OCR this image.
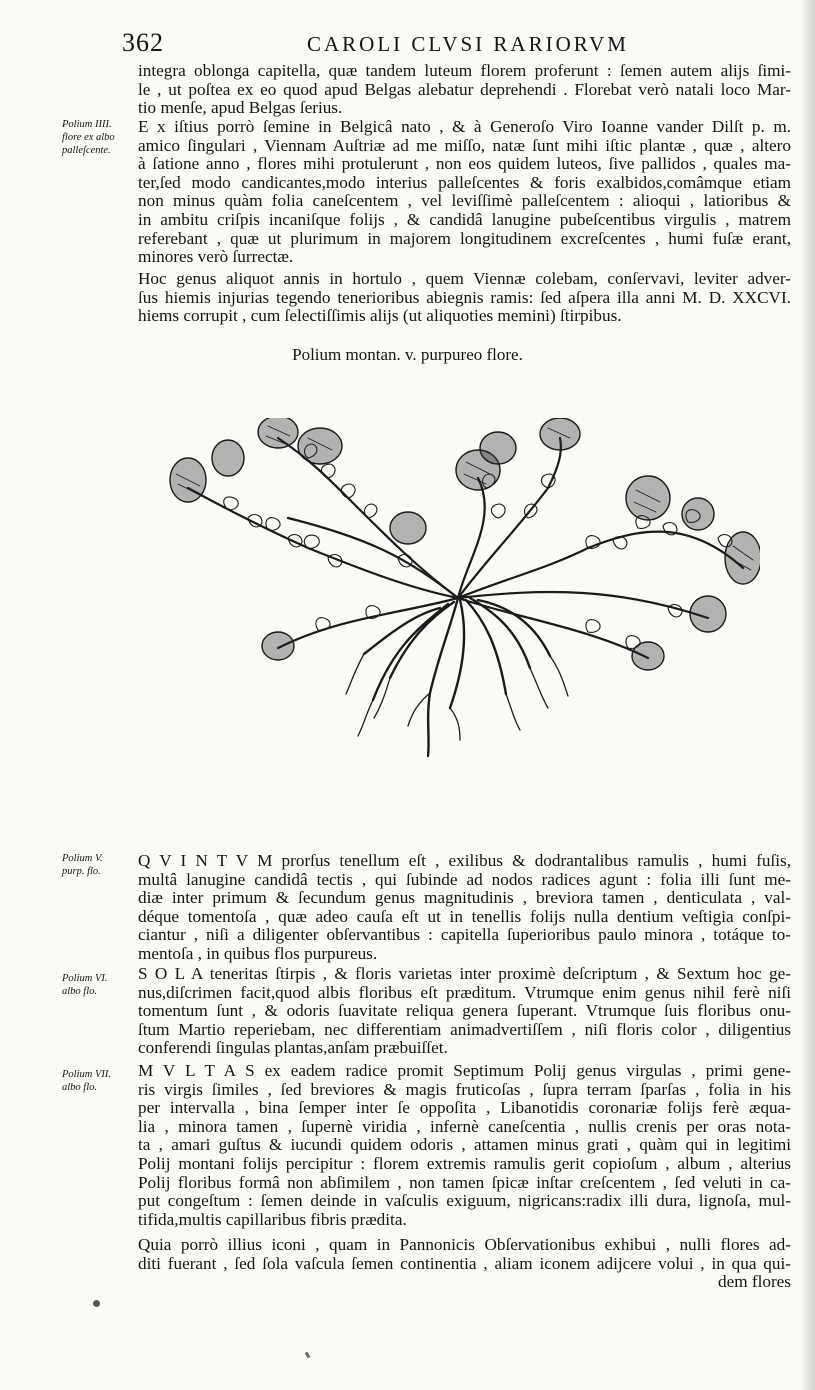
362	CAROLI CLVSI RARIORVM
integra oblonga capitella, quæ tandem luteum florem proferunt : ſemen autem alijs ſimi-
le , ut poſtea ex eo quod apud Belgas alebatur deprehendi . Florebat verò natali loco Mar-
tio menſe, apud Belgas ſerius.
Polium IIII.
flore ex albo
palleſcente.
E x iſtius porrò ſemine in Belgicâ nato , & à Generoſo Viro Ioanne vander Dilſt p. m.
amico ſingulari , Viennam Auſtriæ ad me miſſo, natæ ſunt mihi iſtic plantæ , quæ , altero
à ſatione anno , flores mihi protulerunt , non eos quidem luteos, ſive pallidos , quales ma-
ter,ſed modo candicantes,modo interius palleſcentes & foris exalbidos,comâmque etiam
non minus quàm folia caneſcentem , vel leviſſimè palleſcentem : alioqui , latioribus &
in ambitu criſpis incaniſque folijs , & candidâ lanugine pubeſcentibus virgulis , matrem
referebant , quæ ut plurimum in majorem longitudinem excreſcentes , humi fuſæ erant,
minores verò ſurrectæ.
Hoc genus aliquot annis in hortulo , quem Viennæ colebam, conſervavi, leviter adver-
ſus hiemis injurias tegendo tenerioribus abiegnis ramis: ſed aſpera illa anni M. D. XXCVI.
hiems corrupit , cum ſelectiſſimis alijs (ut aliquoties memini) ſtirpibus.
Polium montan. v. purpureo flore.
Polium V.
purp. flo.
Q V I N T V M prorſus tenellum eſt , exilibus & dodrantalibus ramulis , humi fuſis,
multâ lanugine candidâ tectis , qui ſubinde ad nodos radices agunt : folia illi ſunt me-
diæ inter primum & ſecundum genus magnitudinis , breviora tamen , denticulata , val-
déque tomentoſa , quæ adeo cauſa eſt ut in tenellis folijs nulla dentium veſtigia conſpi-
ciantur , niſi a diligenter obſervantibus : capitella ſuperioribus paulo minora , totáque to-
mentoſa , in quibus flos purpureus.
Polium VI.
albo flo.
S O L A teneritas ſtirpis , & floris varietas inter proximè deſcriptum , & Sextum hoc ge-
nus,diſcrimen facit,quod albis floribus eſt præditum. Vtrumque enim genus nihil ferè niſi
tomentum ſunt , & odoris ſuavitate reliqua genera ſuperant. Vtrumque ſuis floribus onu-
ſtum Martio reperiebam, nec differentiam animadvertiſſem , niſi floris color , diligentius
conferendi ſingulas plantas,anſam præbuiſſet.
Polium VII.
albo flo.
M V L T A S ex eadem radice promit Septimum Polij genus virgulas , primi gene-
ris virgis ſimiles , ſed breviores & magis fruticoſas , ſupra terram ſparſas , folia in his
per intervalla , bina ſemper inter ſe oppoſita , Libanotidis coronariæ folijs ferè æqua-
lia , minora tamen , ſupernè viridia , infernè caneſcentia , nullis crenis per oras nota-
ta , amari guſtus & iucundi quidem odoris , attamen minus grati , quàm qui in legitimi
Polij montani folijs percipitur : florem extremis ramulis gerit copioſum , album , alterius
Polij floribus formâ non abſimilem , non tamen ſpicæ inſtar creſcentem , ſed veluti in ca-
put congeſtum : ſemen deinde in vaſculis exiguum, nigricans:radix illi dura, lignoſa, mul-
tifida,multis capillaribus fibris prædita.
Quia porrò illius iconi , quam in Pannonicis Obſervationibus exhibui , nulli flores ad-
diti fuerant , ſed ſola vaſcula ſemen continentia , aliam iconem adijcere volui , in qua qui-
dem flores
